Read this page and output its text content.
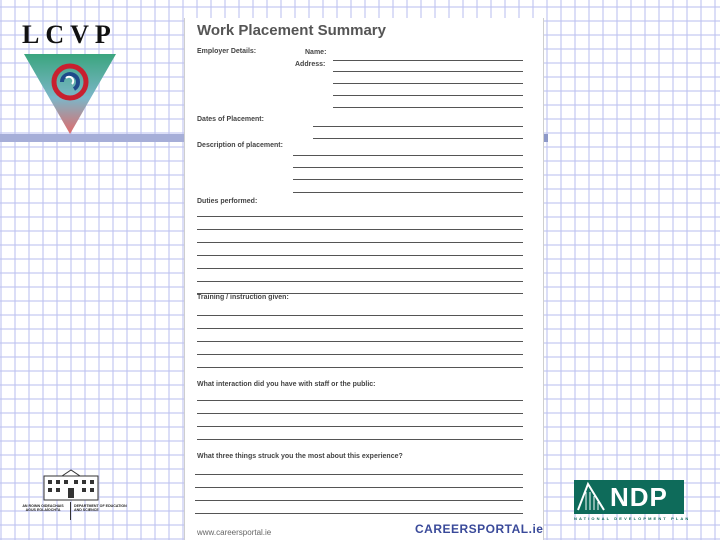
LCVP	Work Placement Summary
Employer Details:	Name:
Address:
Dates of Placement:
Description of placement:
Duties performed:
Training / instruction given:
What interaction did you have with staff or the public:
What three things struck you the most about this experience?
www.careersportal.ie	CAREERSPORTAL.ie
AN ROINN OIDEACHAIS AGUS EOLAÍOCHTA
DEPARTMENT OF EDUCATION AND SCIENCE	NDP
NATIONAL DEVELOPMENT PLAN
